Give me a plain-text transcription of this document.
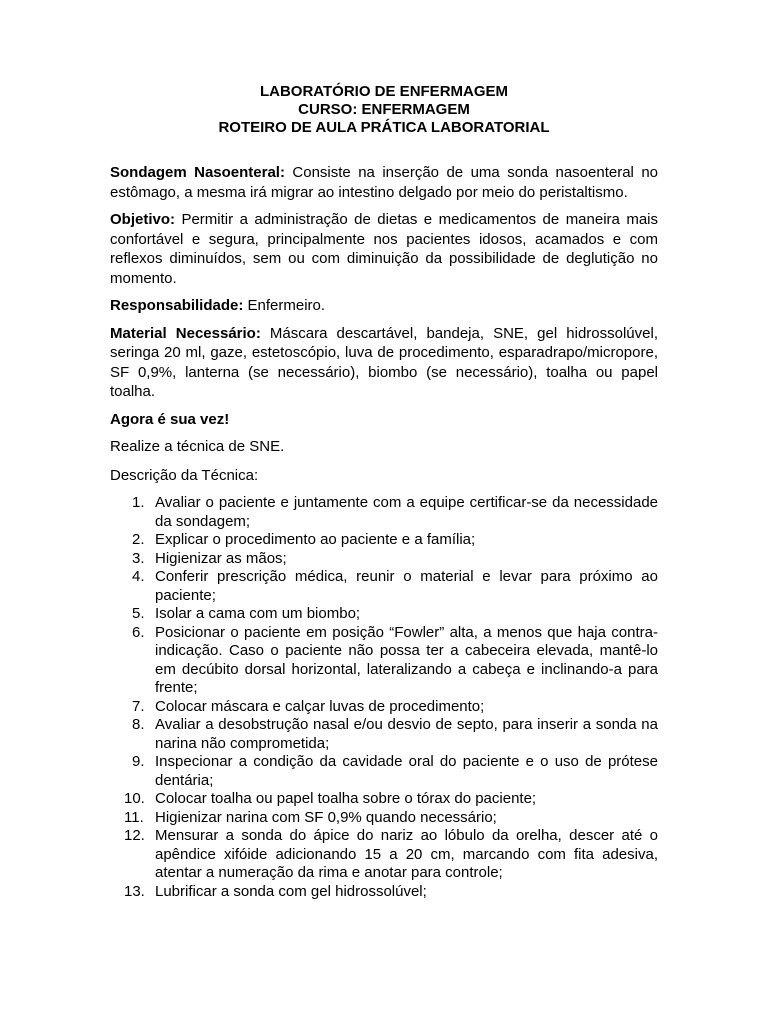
LABORATÓRIO DE ENFERMAGEM
CURSO: ENFERMAGEM
ROTEIRO DE AULA PRÁTICA LABORATORIAL

Sondagem Nasoenteral: Consiste na inserção de uma sonda nasoenteral no estômago, a mesma irá migrar ao intestino delgado por meio do peristaltismo.

Objetivo: Permitir a administração de dietas e medicamentos de maneira mais confortável e segura, principalmente nos pacientes idosos, acamados e com reflexos diminuídos, sem ou com diminuição da possibilidade de deglutição no momento.

Responsabilidade: Enfermeiro.

Material Necessário: Máscara descartável, bandeja, SNE, gel hidrossolúvel, seringa 20 ml, gaze, estetoscópio, luva de procedimento, esparadrapo/micropore, SF 0,9%, lanterna (se necessário), biombo (se necessário), toalha ou papel toalha.

Agora é sua vez!

Realize a técnica de SNE.

Descrição da Técnica:

1. Avaliar o paciente e juntamente com a equipe certificar-se da necessidade da sondagem;
2. Explicar o procedimento ao paciente e a família;
3. Higienizar as mãos;
4. Conferir prescrição médica, reunir o material e levar para próximo ao paciente;
5. Isolar a cama com um biombo;
6. Posicionar o paciente em posição “Fowler” alta, a menos que haja contra-indicação. Caso o paciente não possa ter a cabeceira elevada, mantê-lo em decúbito dorsal horizontal, lateralizando a cabeça e inclinando-a para frente;
7. Colocar máscara e calçar luvas de procedimento;
8. Avaliar a desobstrução nasal e/ou desvio de septo, para inserir a sonda na narina não comprometida;
9. Inspecionar a condição da cavidade oral do paciente e o uso de prótese dentária;
10. Colocar toalha ou papel toalha sobre o tórax do paciente;
11. Higienizar narina com SF 0,9% quando necessário;
12. Mensurar a sonda do ápice do nariz ao lóbulo da orelha, descer até o apêndice xifóide adicionando 15 a 20 cm, marcando com fita adesiva, atentar a numeração da rima e anotar para controle;
13. Lubrificar a sonda com gel hidrossolúvel;
